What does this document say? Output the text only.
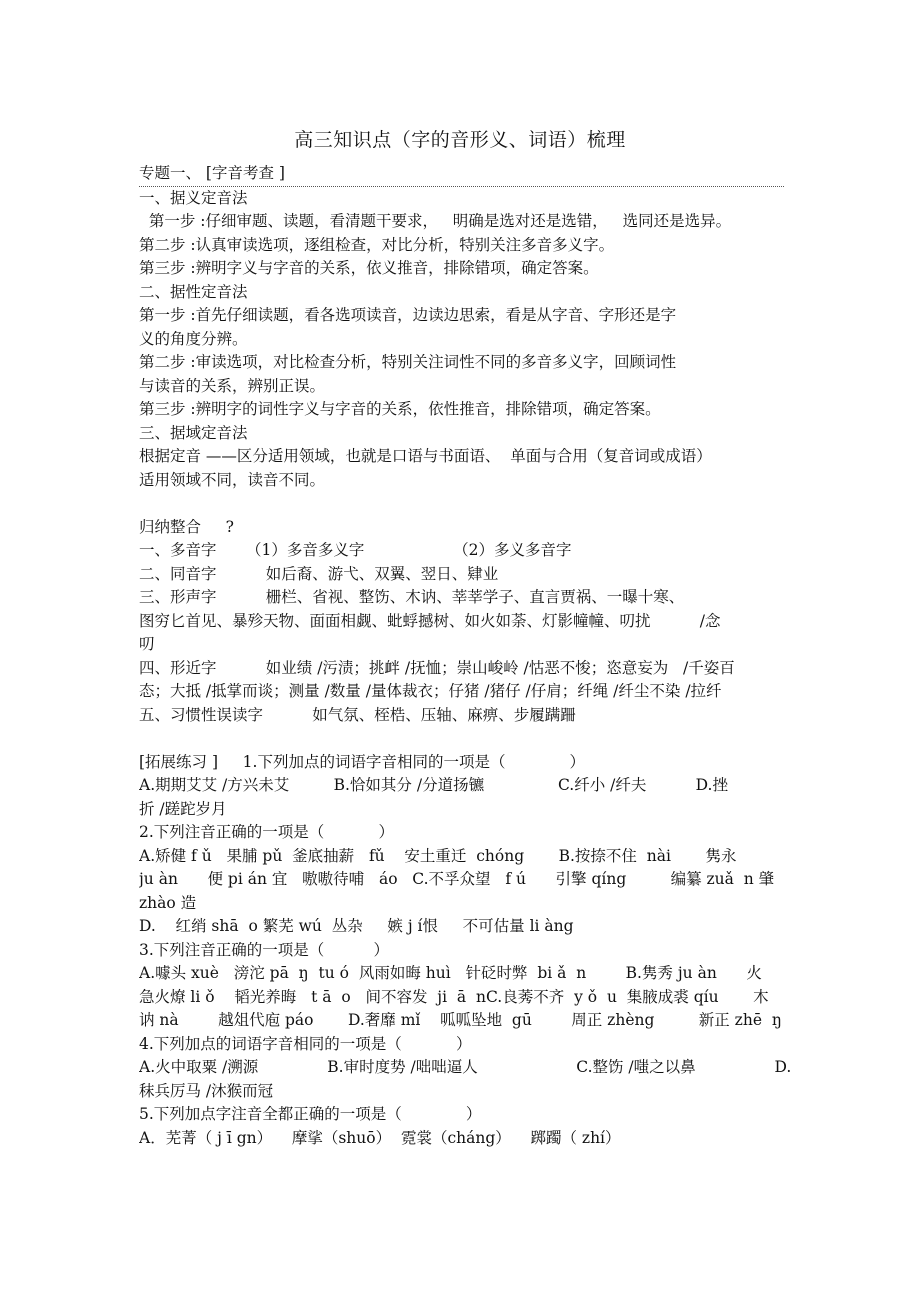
高三知识点（字的音形义、词语）梳理
专题一、 [字音考查 ]
一、据义定音法
第一步 :仔细审题、读题，看清题干要求，   明确是选对还是选错，   选同还是选异。
第二步 :认真审读选项，逐组检查，对比分析，特别关注多音多义字。
第三步 :辨明字义与字音的关系，依义推音，排除错项，确定答案。
二、据性定音法
第一步 :首先仔细读题，看各选项读音，边读边思索，看是从字音、字形还是字
义的角度分辨。
第二步 :审读选项，对比检查分析，特别关注词性不同的多音多义字，回顾词性
与读音的关系，辨别正误。
第三步 :辨明字的词性字义与字音的关系，依性推音，排除错项，确定答案。
三、据域定音法
根据定音 ——区分适用领域，也就是口语与书面语、  单面与合用（复音词或成语）
适用领域不同，读音不同。
归纳整合     ?
一、多音字      （1）多音多义字                  （2）多义多音字
二、同音字          如后裔、游弋、双翼、翌日、肄业
三、形声字          栅栏、省视、整饬、木讷、莘莘学子、直言贾祸、一曝十寒、
图穷匕首见、暴殄天物、面面相觑、蚍蜉撼树、如火如荼、灯影幢幢、叨扰          /念
叨
四、形近字          如业绩 /污渍；挑衅 /抚恤；崇山峻岭 /怙恶不悛；恣意妄为   /千姿百
态；大抵 /抵掌而谈；测量 /数量 /量体裁衣；仔猪 /猪仔 /仔肩；纤绳 /纤尘不染 /拉纤
五、习惯性误读字          如气氛、桎梏、压轴、麻痹、步履蹒跚
[拓展练习 ]     1.下列加点的词语字音相同的一项是（             ）
A.期期艾艾 /方兴未艾         B.恰如其分 /分道扬镳               C.纤小 /纤夫          D.挫
折 /蹉跎岁月
2.下列注音正确的一项是（           ）
A.矫健 f ǔ   果脯 pǔ  釜底抽薪   fǔ    安土重迁  chóng       B.按捺不住  nài       隽永
ju àn      便 pi án 宜   嗷嗷待哺   áo   C.不孚众望   f ú      引擎 qíng         编纂 zuǎ  n 肇
zhào 造
D.    红绡 shā  o 繁芜 wú  丛杂     嫉 j í恨     不可估量 li àng
3.下列注音正确的一项是（          ）
A.噱头 xuè   滂沱 pā  ŋ  tu ó  风雨如晦 huì   针砭时弊  bi ǎ  n        B.隽秀 ju àn      火
急火燎 li ǒ    韬光养晦   t ā  o   间不容发  ji  ā  nC.良莠不齐  y ǒ  u  集腋成裘 qíu       木
讷 nà        越俎代庖 páo       D.奢靡 mǐ    呱呱坠地  gū        周正 zhèng         新正 zhē  ŋ
4.下列加点的词语字音相同的一项是（           ）
A.火中取粟 /溯源              B.审时度势 /咄咄逼人                    C.整饬 /嗤之以鼻                D.
秣兵厉马 /沐猴而冠
5.下列加点字注音全都正确的一项是（             ）
A．芜菁（ j ī gn）    摩挲（shuō）  霓裳（cháng）    踯躅（ zhí）
